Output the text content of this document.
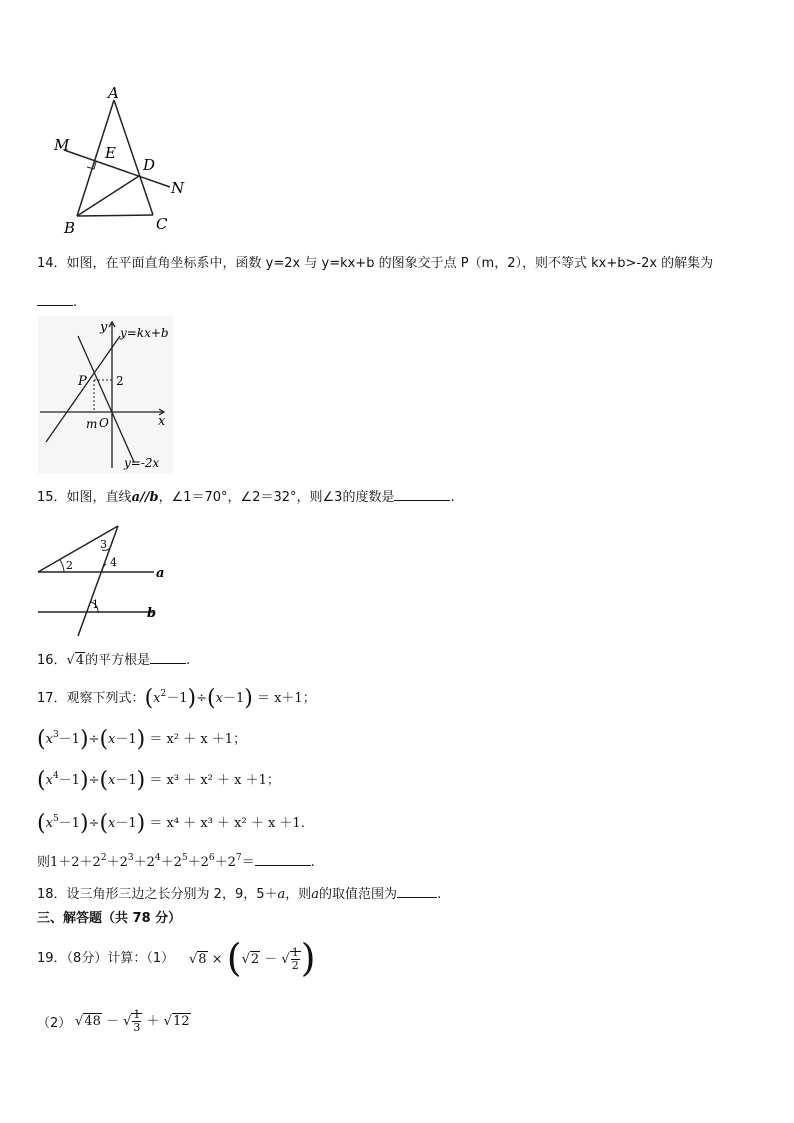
A
M E
D
N
B	C
14．如图，在平面直角坐标系中，函数 y=2x 与 y=kx+b 的图象交于点 P（m，2），则不等式 kx+b>-2x 的解集为
.
y y=kx+b
P 2
x
m O
y=-2x
15．如图，直线a//b，∠1＝70°，∠2＝32°，则∠3的度数是	.
3
2	4
1
a
b
16．√4的平方根是	.
17．观察下列式：$(x^2-1)\div(x-1) = x+1$；
$(x^3-1)\div(x-1) = x^2 + x +1$；
$(x^4-1)\div(x-1) = x^3 + x^2 + x +1$；
$(x^5-1)\div(x-1) = x^4 + x^3 + x^2 + x +1$.
则$1+2+2^2+2^3+2^4+2^5+2^6+2^7=$	.
18．设三角形三边之长分别为 2，9，5＋a，则a的取值范围为	.
三、解答题（共 78 分）
19．（8分）计算：（1） √8 × (√2 － √ $\frac{1}{2}$ )
（2） √48 － √ $\frac{1}{3} + √12$
